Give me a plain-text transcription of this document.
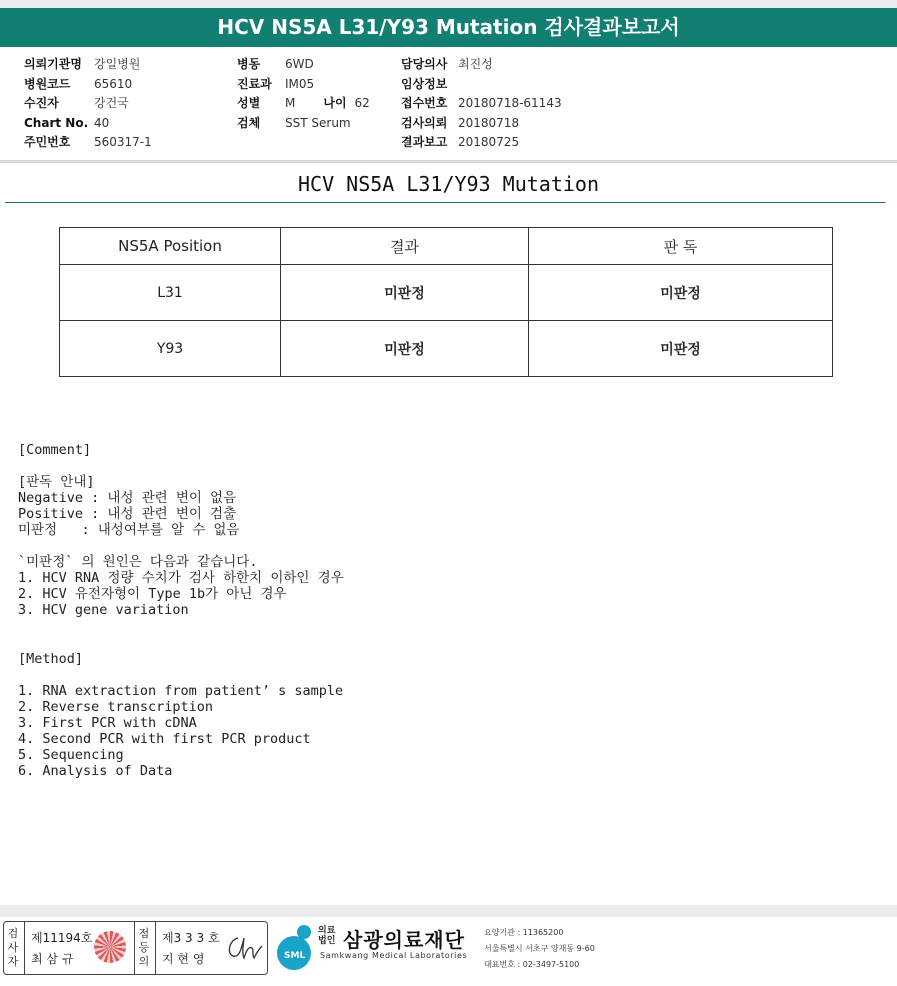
HCV NS5A L31/Y93 Mutation 검사결과보고서
의뢰기관명 강일병원
병원코드 65610
수진자	강건국
Chart No. 40
주민번호 560317-1
병동 6WD
진료과 IM05
성별 M 나이 62
검체 SST Serum
담당의사 최진성
임상정보
접수번호 20180718-61143
검사의뢰 20180718
결과보고 20180725
HCV NS5A L31/Y93 Mutation
NS5A Position	결과	판 독
L31	미판정	미판정
Y93	미판정	미판정
[Comment]

[판독 안내]
Negative : 내성 관련 변이 없음
Positive : 내성 관련 변이 검출
미판정   : 내성여부를 알 수 없음

`미판정` 의 원인은 다음과 같습니다.
1. HCV RNA 정량 수치가 검사 하한치 이하인 경우
2. HCV 유전자형이 Type 1b가 아닌 경우
3. HCV gene variation
[Method]

1. RNA extraction from patient’ s sample
2. Reverse transcription
3. First PCR with cDNA
4. Second PCR with first PCR product
5. Sequencing
6. Analysis of Data
검
사
자
제11194호
최 삼 규
점
등
의
제3 3 3 호
지 현 영	SML
의료
법인 삼광의료재단
Samkwang Medical Laboratories
요양기관 : 11365200
서울특별시 서초구 양재동 9-60
대표번호 : 02-3497-5100
